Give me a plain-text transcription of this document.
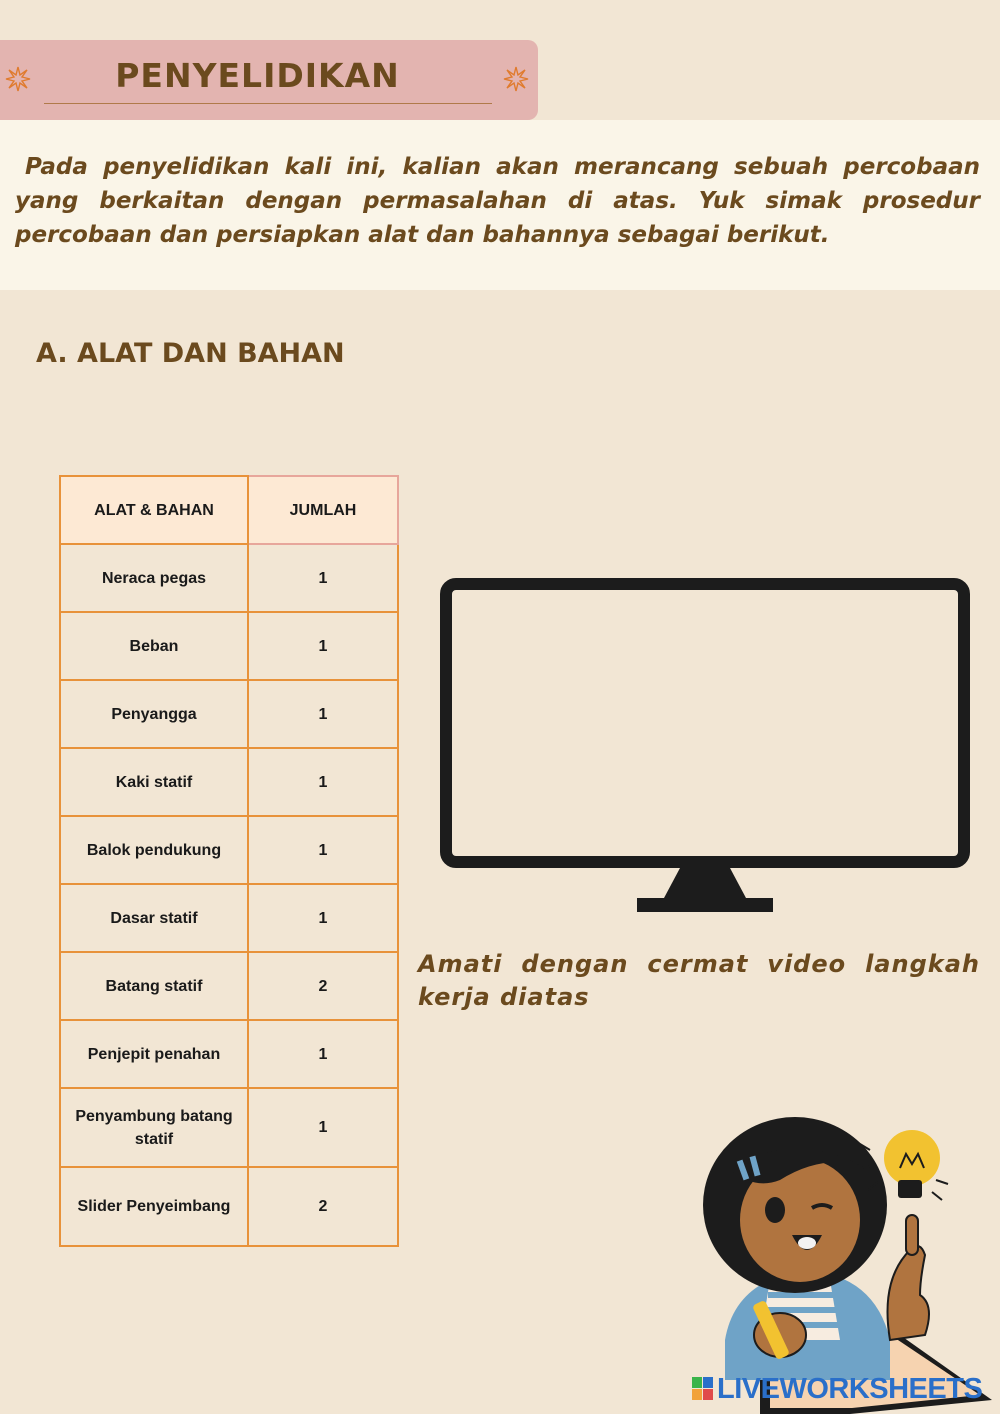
PENYELIDIKAN

Pada penyelidikan kali ini, kalian akan merancang sebuah percobaan yang berkaitan dengan permasalahan di atas. Yuk simak prosedur percobaan dan persiapkan alat dan bahannya sebagai berikut.

A. ALAT DAN BAHAN
ALAT & BAHAN	JUMLAH
Neraca pegas	1
Beban	1
Penyangga	1
Kaki statif	1
Balok pendukung	1
Dasar statif	1
Batang statif	2
Penjepit penahan	1
Penyambung batang statif	1
Slider Penyeimbang	2

Amati dengan cermat video langkah kerja diatas

LIVEWORKSHEETS
